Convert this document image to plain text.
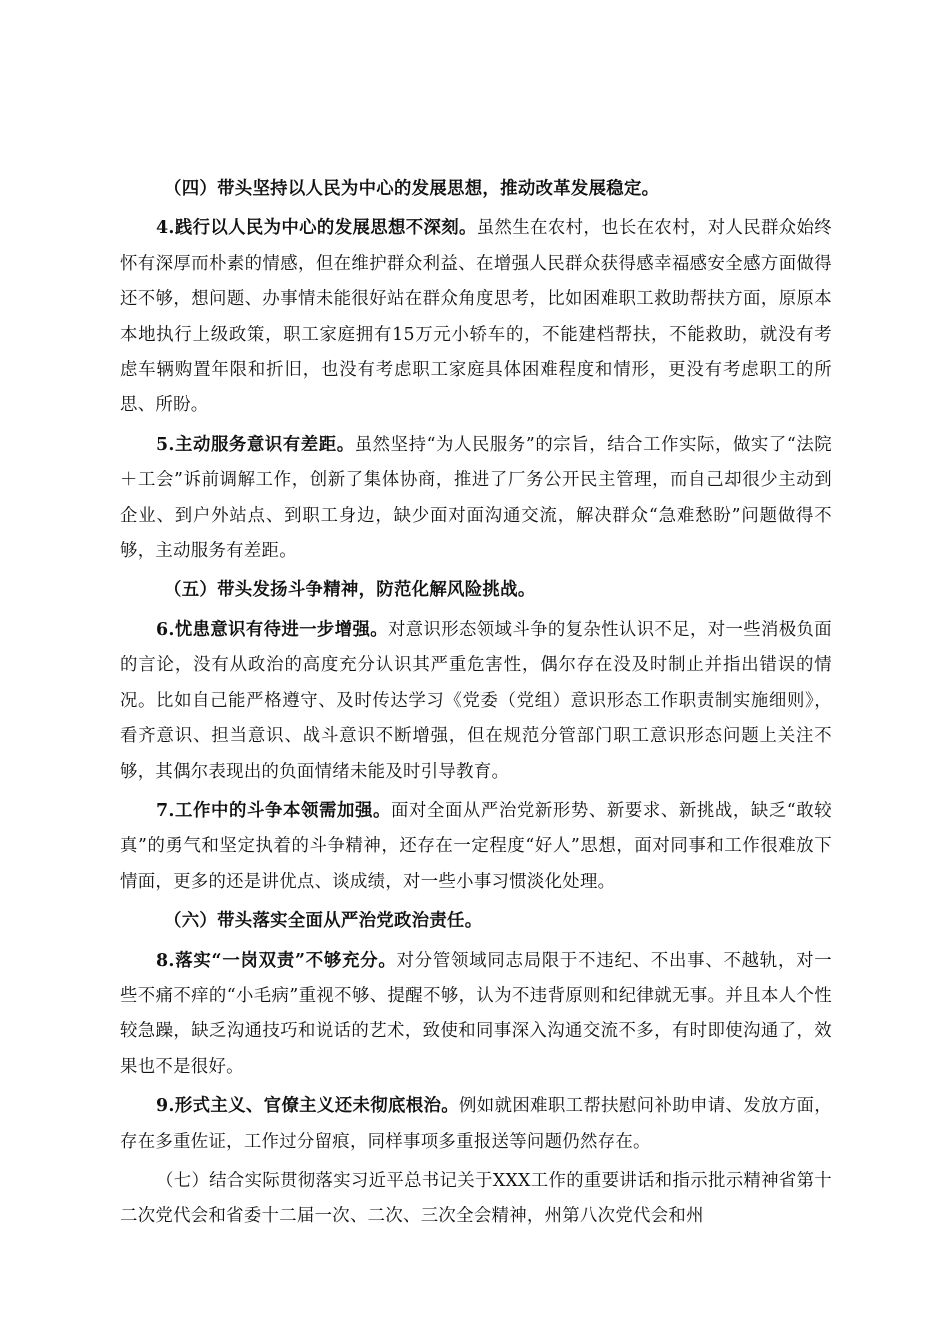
（四）带头坚持以人民为中心的发展思想，推动改革发展稳定。

4.践行以人民为中心的发展思想不深刻。虽然生在农村，也长在农村，对人民群众始终怀有深厚而朴素的情感，但在维护群众利益、在增强人民群众获得感幸福感安全感方面做得还不够，想问题、办事情未能很好站在群众角度思考，比如困难职工救助帮扶方面，原原本本地执行上级政策，职工家庭拥有15万元小轿车的，不能建档帮扶，不能救助，就没有考虑车辆购置年限和折旧，也没有考虑职工家庭具体困难程度和情形，更没有考虑职工的所思、所盼。

5.主动服务意识有差距。虽然坚持“为人民服务”的宗旨，结合工作实际，做实了“法院＋工会”诉前调解工作，创新了集体协商，推进了厂务公开民主管理，而自己却很少主动到企业、到户外站点、到职工身边，缺少面对面沟通交流，解决群众“急难愁盼”问题做得不够，主动服务有差距。

（五）带头发扬斗争精神，防范化解风险挑战。

6.忧患意识有待进一步增强。对意识形态领域斗争的复杂性认识不足，对一些消极负面的言论，没有从政治的高度充分认识其严重危害性，偶尔存在没及时制止并指出错误的情况。比如自己能严格遵守、及时传达学习《党委（党组）意识形态工作职责制实施细则》，看齐意识、担当意识、战斗意识不断增强，但在规范分管部门职工意识形态问题上关注不够，其偶尔表现出的负面情绪未能及时引导教育。

7.工作中的斗争本领需加强。面对全面从严治党新形势、新要求、新挑战，缺乏“敢较真”的勇气和坚定执着的斗争精神，还存在一定程度“好人”思想，面对同事和工作很难放下情面，更多的还是讲优点、谈成绩，对一些小事习惯淡化处理。

（六）带头落实全面从严治党政治责任。

8.落实“一岗双责”不够充分。对分管领域同志局限于不违纪、不出事、不越轨，对一些不痛不痒的“小毛病”重视不够、提醒不够，认为不违背原则和纪律就无事。并且本人个性较急躁，缺乏沟通技巧和说话的艺术，致使和同事深入沟通交流不多，有时即使沟通了，效果也不是很好。

9.形式主义、官僚主义还未彻底根治。例如就困难职工帮扶慰问补助申请、发放方面，存在多重佐证，工作过分留痕，同样事项多重报送等问题仍然存在。

（七）结合实际贯彻落实习近平总书记关于XXX工作的重要讲话和指示批示精神省第十二次党代会和省委十二届一次、二次、三次全会精神，州第八次党代会和州
